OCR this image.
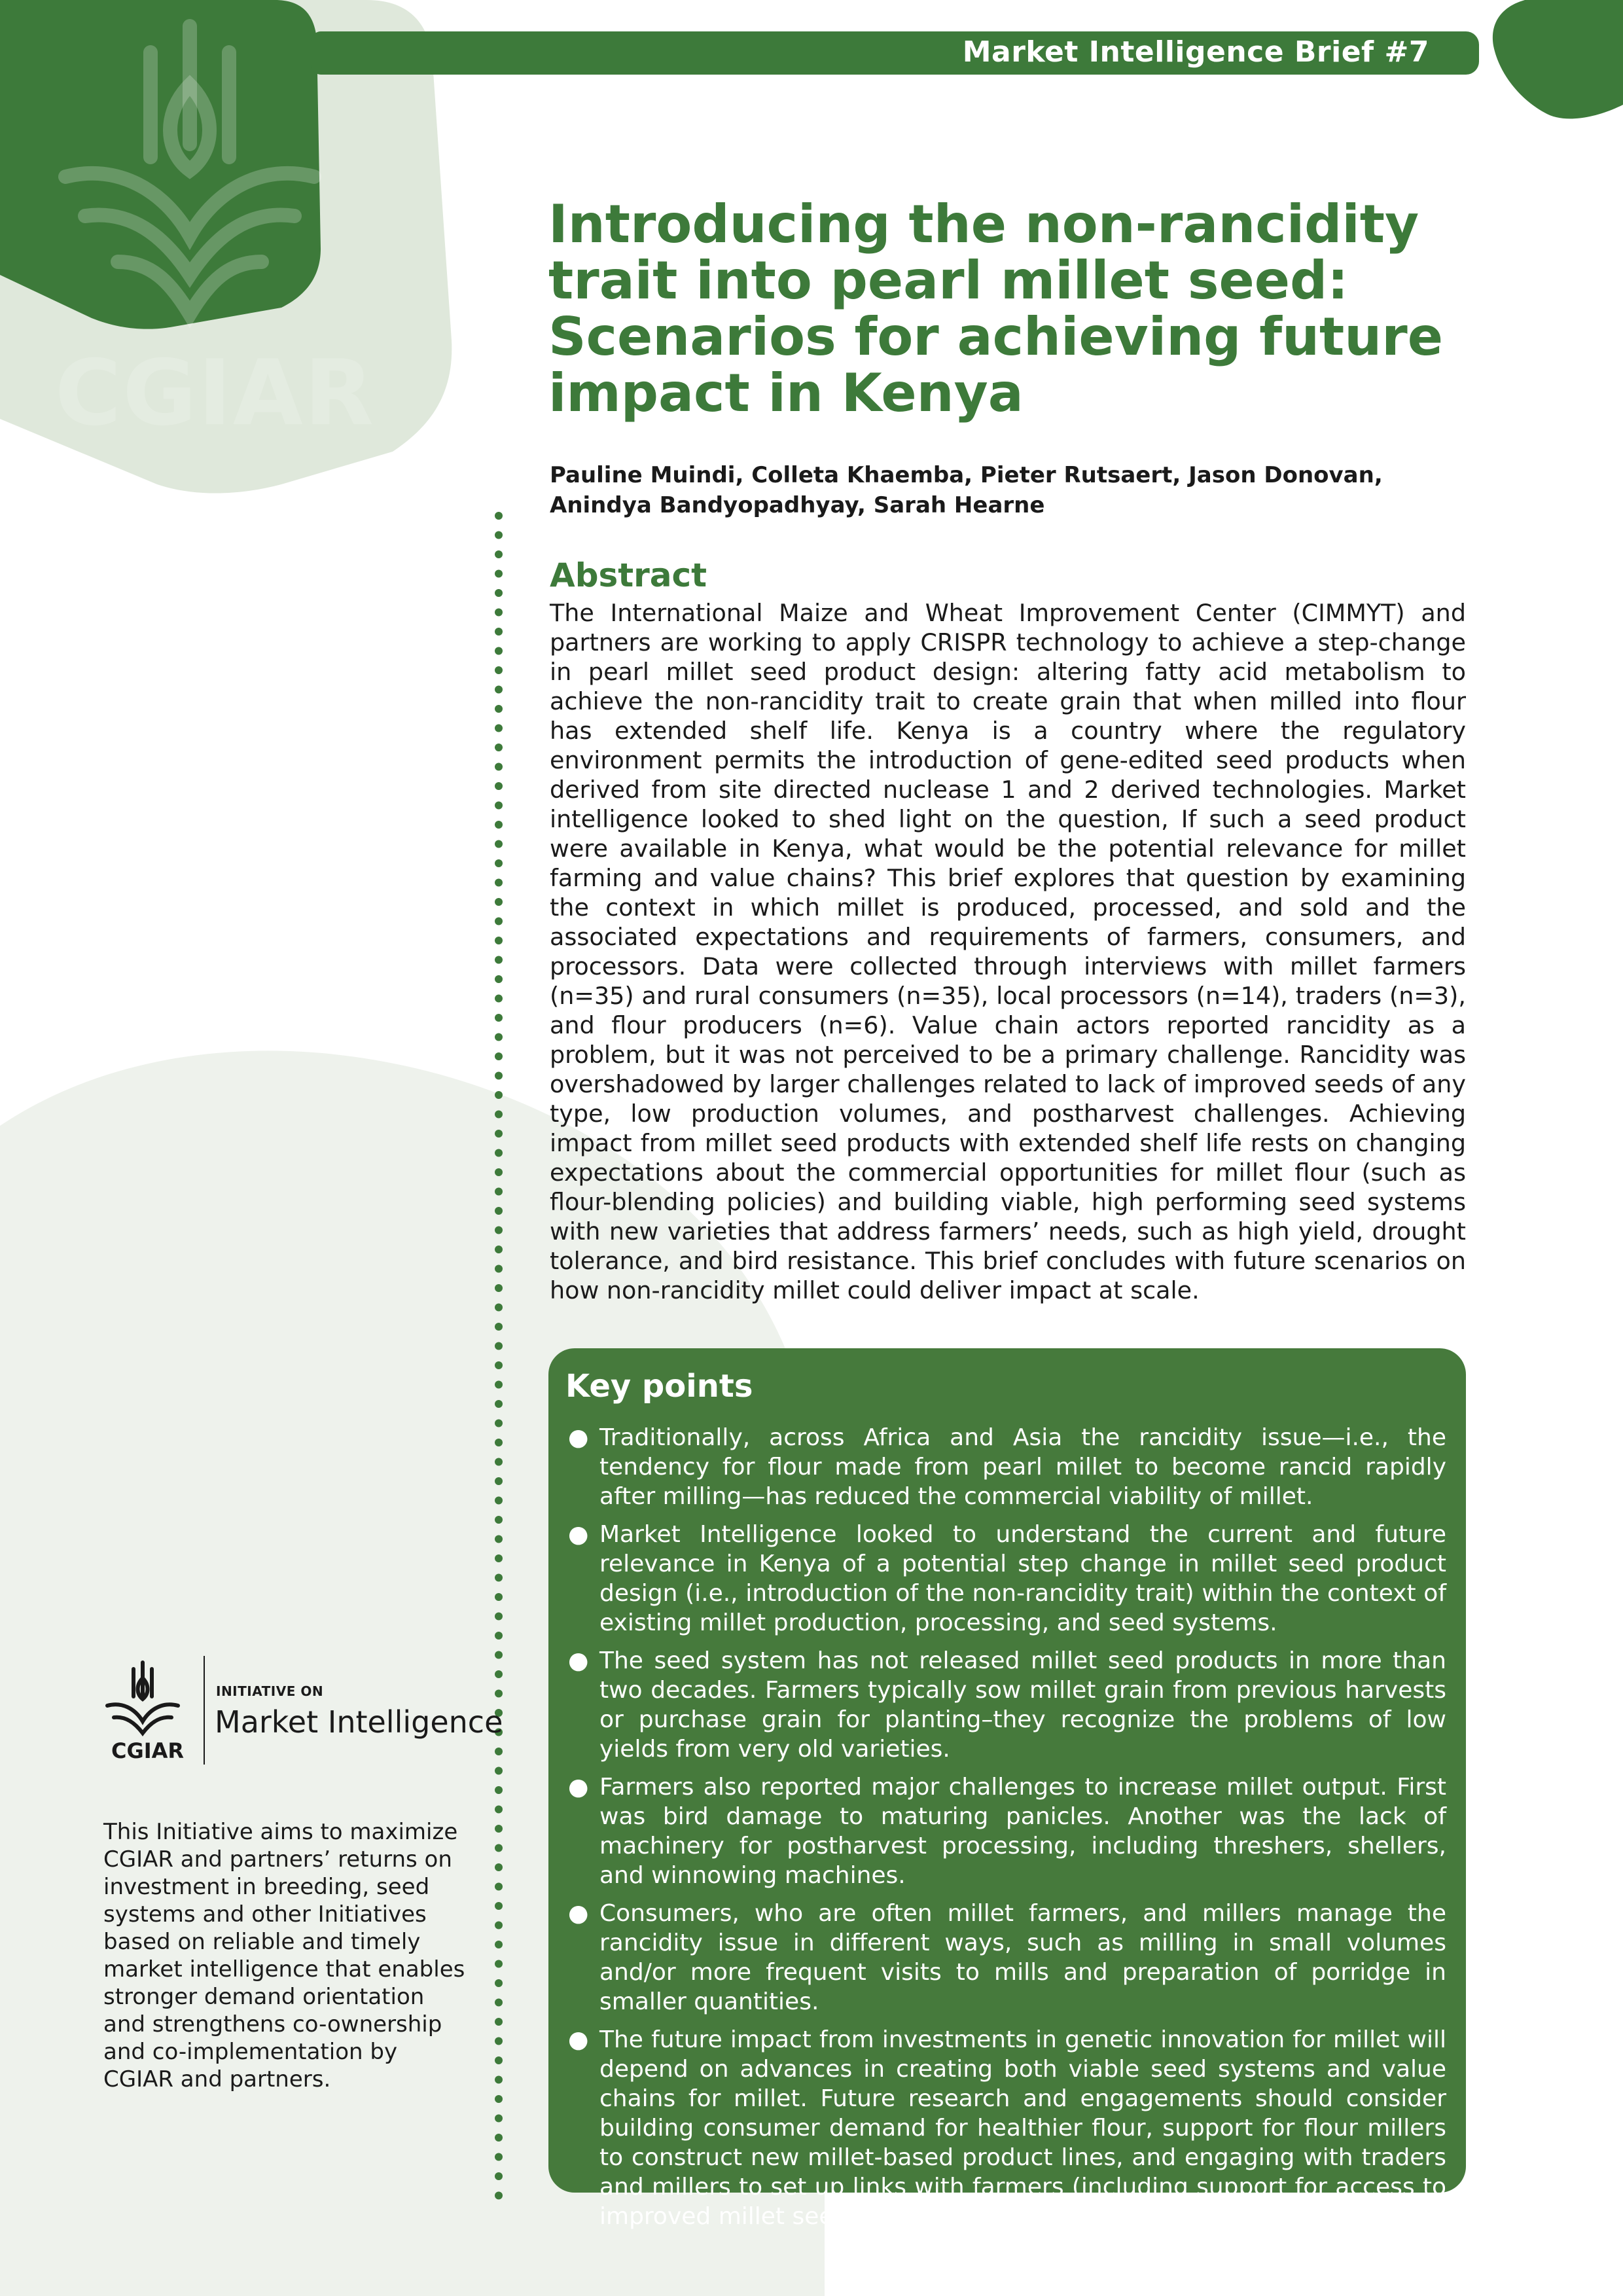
CGIAR
Market Intelligence Brief #7
Introducing the non-rancidity trait into pearl millet seed: Scenarios for achieving future impact in Kenya
Pauline Muindi, Colleta Khaemba, Pieter Rutsaert, Jason Donovan,
Anindya Bandyopadhyay, Sarah Hearne
Abstract

The International Maize and Wheat Improvement Center (CIMMYT) and partners are working to apply CRISPR technology to achieve a step-change in pearl millet seed product design: altering fatty acid metabolism to achieve the non-rancidity trait to create grain that when milled into flour has extended shelf life. Kenya is a country where the regulatory environment permits the introduction of gene-edited seed products when derived from site directed nuclease 1 and 2 derived technologies. Market intelligence looked to shed light on the question, If such a seed product were available in Kenya, what would be the potential relevance for millet farming and value chains? This brief explores that question by examining the context in which millet is produced, processed, and sold and the associated expectations and requirements of farmers, consumers, and processors. Data were collected through interviews with millet farmers (n=35) and rural consumers (n=35), local processors (n=14), traders (n=3), and flour producers (n=6). Value chain actors reported rancidity as a problem, but it was not perceived to be a primary challenge. Rancidity was overshadowed by larger challenges related to lack of improved seeds of any type, low production volumes, and postharvest challenges. Achieving impact from millet seed products with extended shelf life rests on changing expectations about the commercial opportunities for millet flour (such as flour-blending policies) and building viable, high performing seed systems with new varieties that address farmers’ needs, such as high yield, drought tolerance, and bird resistance. This brief concludes with future scenarios on how non-rancidity millet could deliver impact at scale.

INITIATIVE ON
Market Intelligence
CGIAR
This Initiative aims to maximize CGIAR and partners’ returns on investment in breeding, seed systems and other Initiatives based on reliable and timely market intelligence that enables stronger demand orientation and strengthens co-ownership and co-implementation by CGIAR and partners.
Key points
● Traditionally, across Africa and Asia the rancidity issue—i.e., the tendency for flour made from pearl millet to become rancid rapidly after milling—has reduced the commercial viability of millet.
● Market Intelligence looked to understand the current and future relevance in Kenya of a potential step change in millet seed product design (i.e., introduction of the non-rancidity trait) within the context of existing millet production, processing, and seed systems.
● The seed system has not released millet seed products in more than two decades. Farmers typically sow millet grain from previous harvests or purchase grain for planting–they recognize the problems of low yields from very old varieties.
● Farmers also reported major challenges to increase millet output. First was bird damage to maturing panicles. Another was the lack of machinery for postharvest processing, including threshers, shellers, and winnowing machines.
● Consumers, who are often millet farmers, and millers manage the rancidity issue in different ways, such as milling in small volumes and/or more frequent visits to mills and preparation of porridge in smaller quantities.
● The future impact from investments in genetic innovation for millet will depend on advances in creating both viable seed systems and value chains for millet. Future research and engagements should consider building consumer demand for healthier flour, support for flour millers to construct new millet-based product lines, and engaging with traders and millers to set up links with farmers (including support for access to improved millet seeds).
